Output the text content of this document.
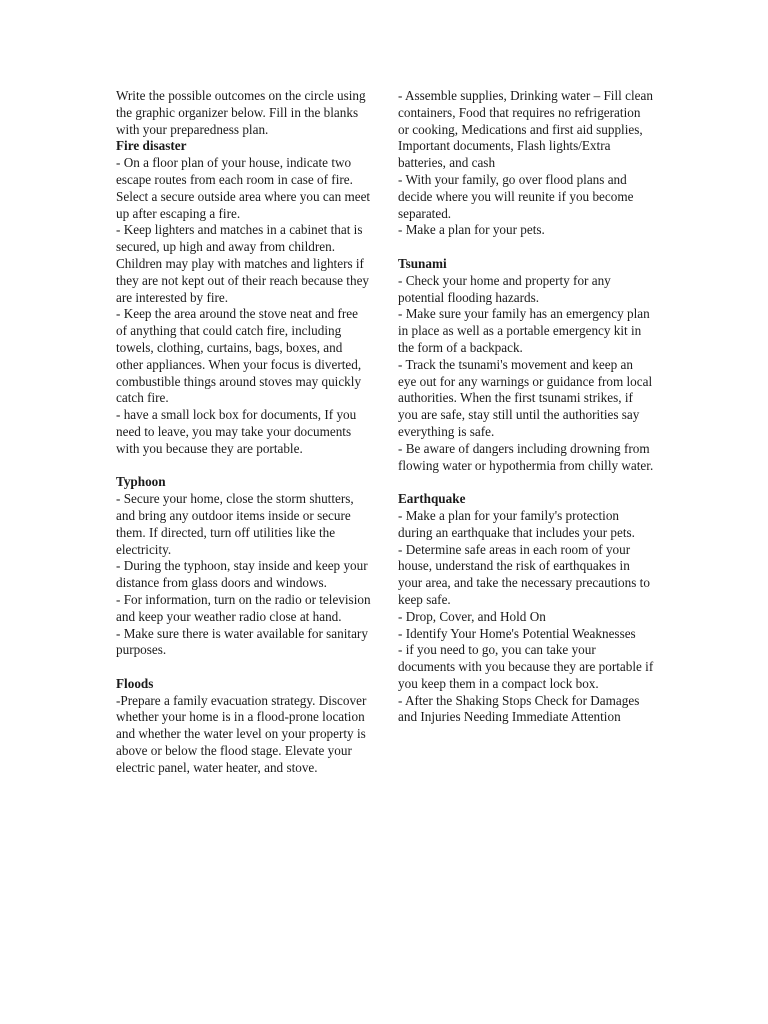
Write the possible outcomes on the circle using the graphic organizer below. Fill in the blanks with your preparedness plan.

Fire disaster

- On a floor plan of your house, indicate two escape routes from each room in case of fire. Select a secure outside area where you can meet up after escaping a fire.

- Keep lighters and matches in a cabinet that is secured, up high and away from children. Children may play with matches and lighters if they are not kept out of their reach because they are interested by fire.

- Keep the area around the stove neat and free of anything that could catch fire, including towels, clothing, curtains, bags, boxes, and other appliances. When your focus is diverted, combustible things around stoves may quickly catch fire.

- have a small lock box for documents, If you need to leave, you may take your documents with you because they are portable.

Typhoon

- Secure your home, close the storm shutters, and bring any outdoor items inside or secure them. If directed, turn off utilities like the electricity.

- During the typhoon, stay inside and keep your distance from glass doors and windows.

- For information, turn on the radio or television and keep your weather radio close at hand.

- Make sure there is water available for sanitary purposes.

Floods

-Prepare a family evacuation strategy. Discover whether your home is in a flood-prone location and whether the water level on your property is above or below the flood stage. Elevate your electric panel, water heater, and stove.

- Assemble supplies, Drinking water – Fill clean containers, Food that requires no refrigeration or cooking, Medications and first aid supplies, Important documents, Flash lights/Extra batteries, and cash

- With your family, go over flood plans and decide where you will reunite if you become separated.

- Make a plan for your pets.

Tsunami

- Check your home and property for any potential flooding hazards.

- Make sure your family has an emergency plan in place as well as a portable emergency kit in the form of a backpack.

- Track the tsunami's movement and keep an eye out for any warnings or guidance from local authorities. When the first tsunami strikes, if you are safe, stay still until the authorities say everything is safe.

- Be aware of dangers including drowning from flowing water or hypothermia from chilly water.

Earthquake

- Make a plan for your family's protection during an earthquake that includes your pets.

- Determine safe areas in each room of your house, understand the risk of earthquakes in your area, and take the necessary precautions to keep safe.

- Drop, Cover, and Hold On

- Identify Your Home's Potential Weaknesses

- if you need to go, you can take your documents with you because they are portable if you keep them in a compact lock box.

- After the Shaking Stops Check for Damages and Injuries Needing Immediate Attention
